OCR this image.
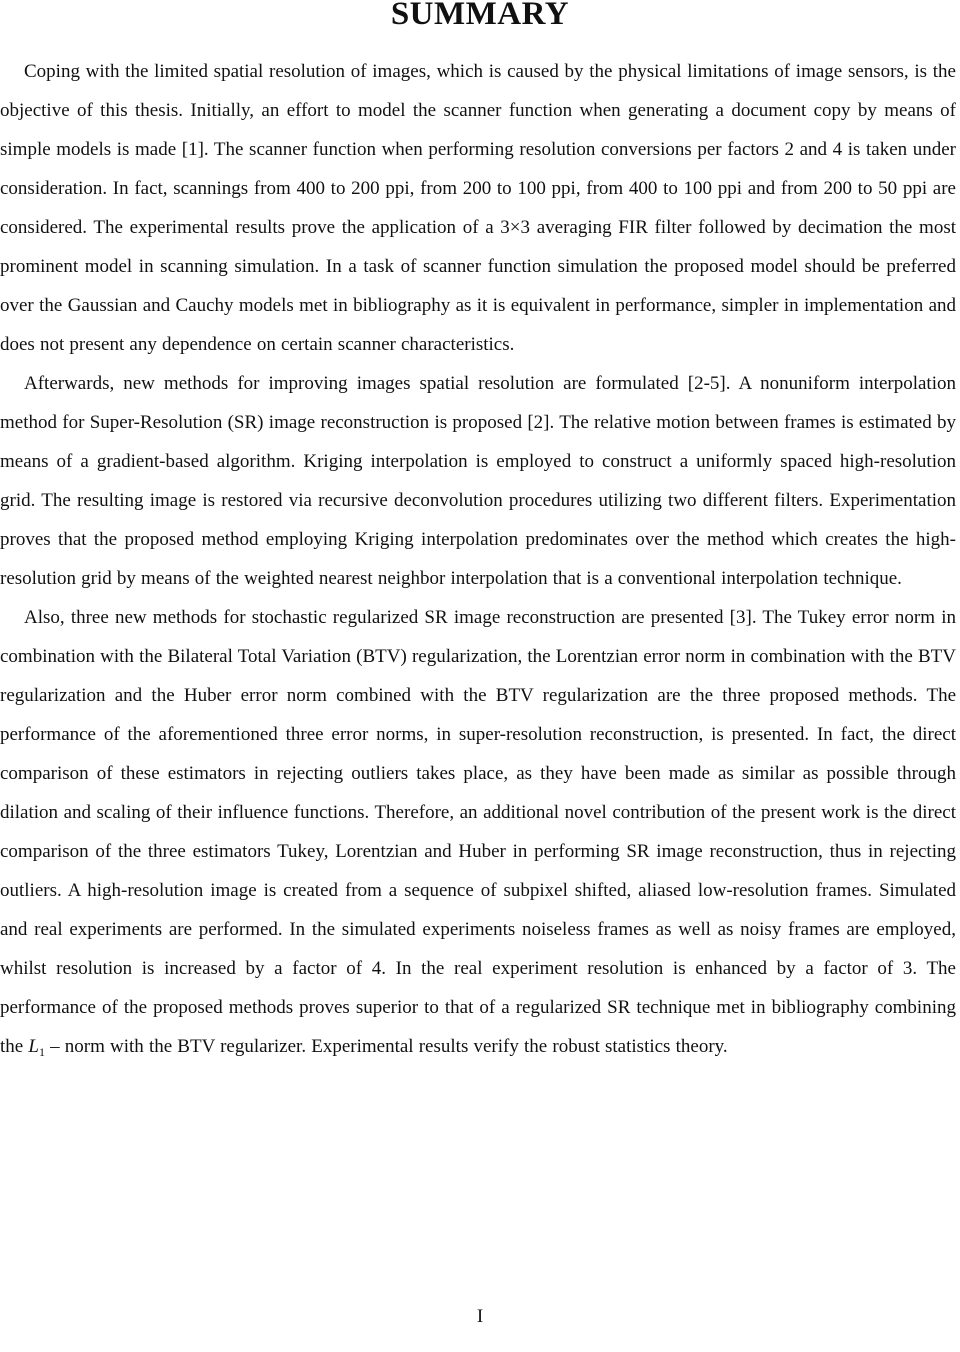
SUMMARY

Coping with the limited spatial resolution of images, which is caused by the physical limitations of image sensors, is the objective of this thesis. Initially, an effort to model the scanner function when generating a document copy by means of simple models is made [1]. The scanner function when performing resolution conversions per factors 2 and 4 is taken under consideration. In fact, scannings from 400 to 200 ppi, from 200 to 100 ppi, from 400 to 100 ppi and from 200 to 50 ppi are considered. The experimental results prove the application of a 3×3 averaging FIR filter followed by decimation the most prominent model in scanning simulation. In a task of scanner function simulation the proposed model should be preferred over the Gaussian and Cauchy models met in bibliography as it is equivalent in performance, simpler in implementation and does not present any dependence on certain scanner characteristics.

Afterwards, new methods for improving images spatial resolution are formulated [2-5]. A nonuniform interpolation method for Super-Resolution (SR) image reconstruction is proposed [2]. The relative motion between frames is estimated by means of a gradient-based algorithm. Kriging interpolation is employed to construct a uniformly spaced high-resolution grid. The resulting image is restored via recursive deconvolution procedures utilizing two different filters. Experimentation proves that the proposed method employing Kriging interpolation predominates over the method which creates the high-resolution grid by means of the weighted nearest neighbor interpolation that is a conventional interpolation technique.

Also, three new methods for stochastic regularized SR image reconstruction are presented [3]. The Tukey error norm in combination with the Bilateral Total Variation (BTV) regularization, the Lorentzian error norm in combination with the BTV regularization and the Huber error norm combined with the BTV regularization are the three proposed methods. The performance of the aforementioned three error norms, in super-resolution reconstruction, is presented. In fact, the direct comparison of these estimators in rejecting outliers takes place, as they have been made as similar as possible through dilation and scaling of their influence functions. Therefore, an additional novel contribution of the present work is the direct comparison of the three estimators Tukey, Lorentzian and Huber in performing SR image reconstruction, thus in rejecting outliers. A high-resolution image is created from a sequence of subpixel shifted, aliased low-resolution frames. Simulated and real experiments are performed. In the simulated experiments noiseless frames as well as noisy frames are employed, whilst resolution is increased by a factor of 4. In the real experiment resolution is enhanced by a factor of 3. The performance of the proposed methods proves superior to that of a regularized SR technique met in bibliography combining the $L_1$ – norm with the BTV regularizer. Experimental results verify the robust statistics theory.

I
